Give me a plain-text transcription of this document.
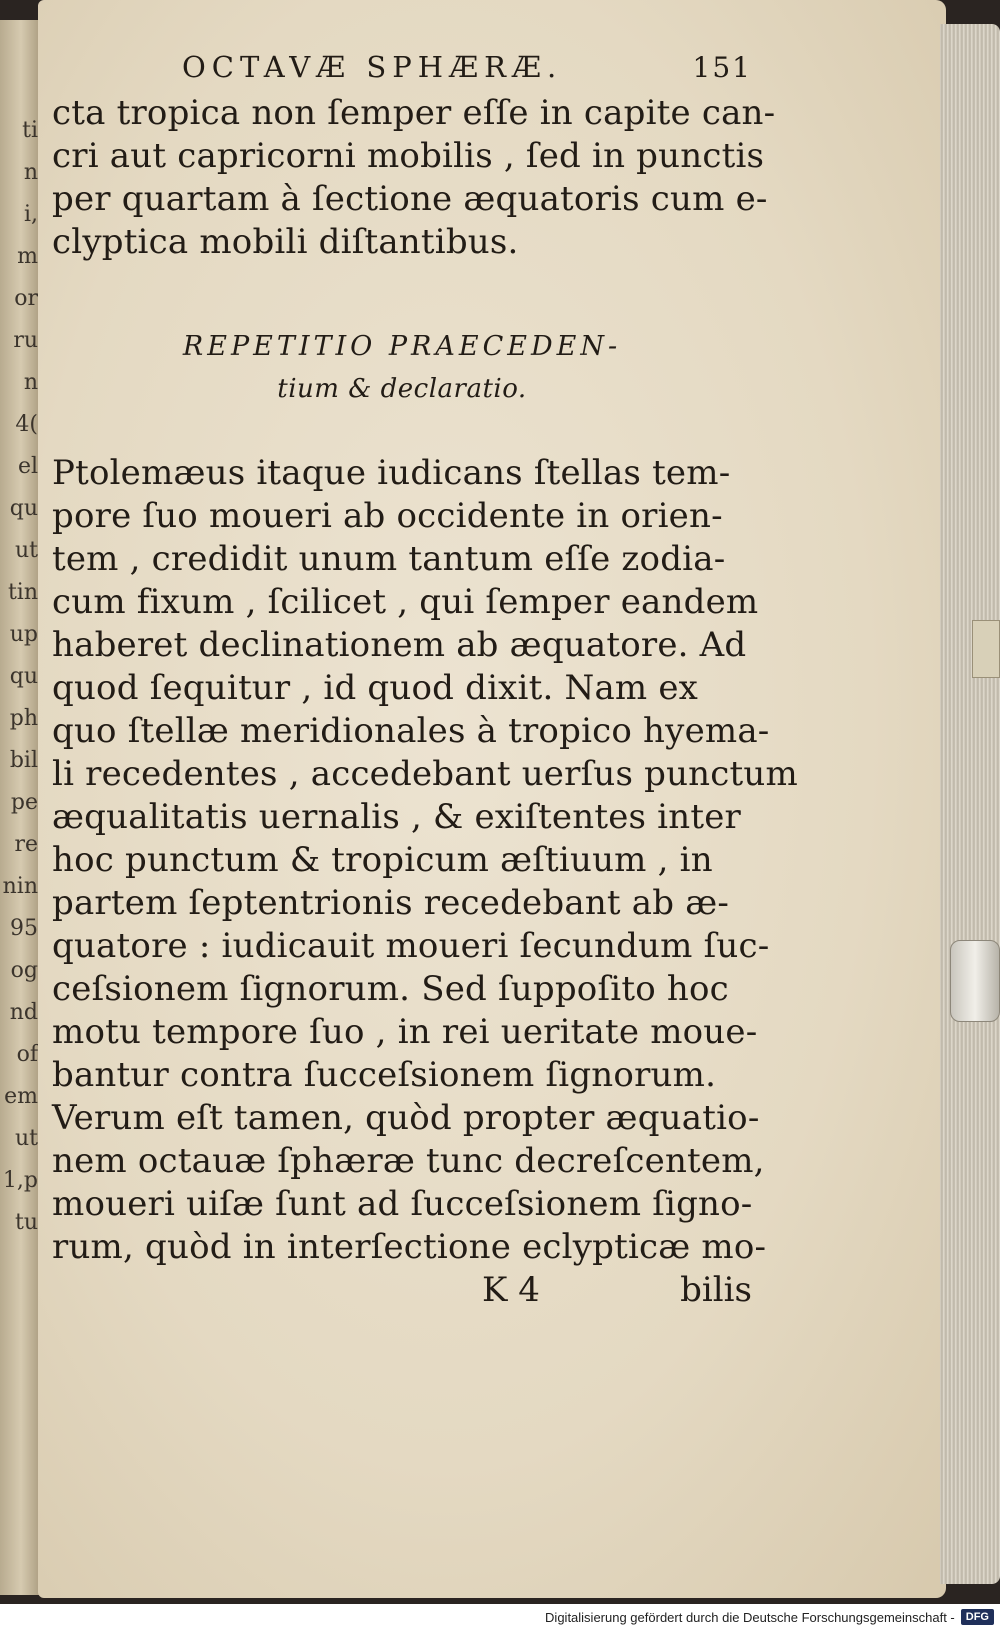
ti
n
i,
m
or
ru
n
4(
el
qu
ut
tin
up
qu
ph
bil
pe
re
nin
95
og
nd
of
em
ut
1,p
tu
OCTAVÆ SPHÆRÆ.	151
cta tropica non ſemper eſſe in capite can-
cri aut capricorni mobilis , ſed in punctis
per quartam à ſectione æquatoris cum e-
clyptica mobili diſtantibus.
REPETITIO PRAECEDEN-
tium & declaratio.
Ptolemæus itaque iudicans ſtellas tem-
pore ſuo moueri ab occidente in orien-
tem , credidit unum tantum eſſe zodia-
cum fixum , ſcilicet , qui ſemper eandem
haberet declinationem ab æquatore. Ad
quod ſequitur , id quod dixit. Nam ex
quo ſtellæ meridionales à tropico hyema-
li recedentes , accedebant uerſus punctum
æqualitatis uernalis , & exiſtentes inter
hoc punctum & tropicum æſtiuum , in
partem ſeptentrionis recedebant ab æ-
quatore : iudicauit moueri ſecundum ſuc-
ceſsionem ſignorum. Sed ſuppoſito hoc
motu tempore ſuo , in rei ueritate moue-
bantur contra ſucceſsionem ſignorum.
Verum eſt tamen, quòd propter æquatio-
nem octauæ ſphæræ tunc decreſcentem,
moueri uiſæ ſunt ad ſucceſsionem ſigno-
rum, quòd in interſectione eclypticæ mo-
K 4	bilis
Digitalisierung gefördert durch die Deutsche Forschungsgemeinschaft -	DFG
